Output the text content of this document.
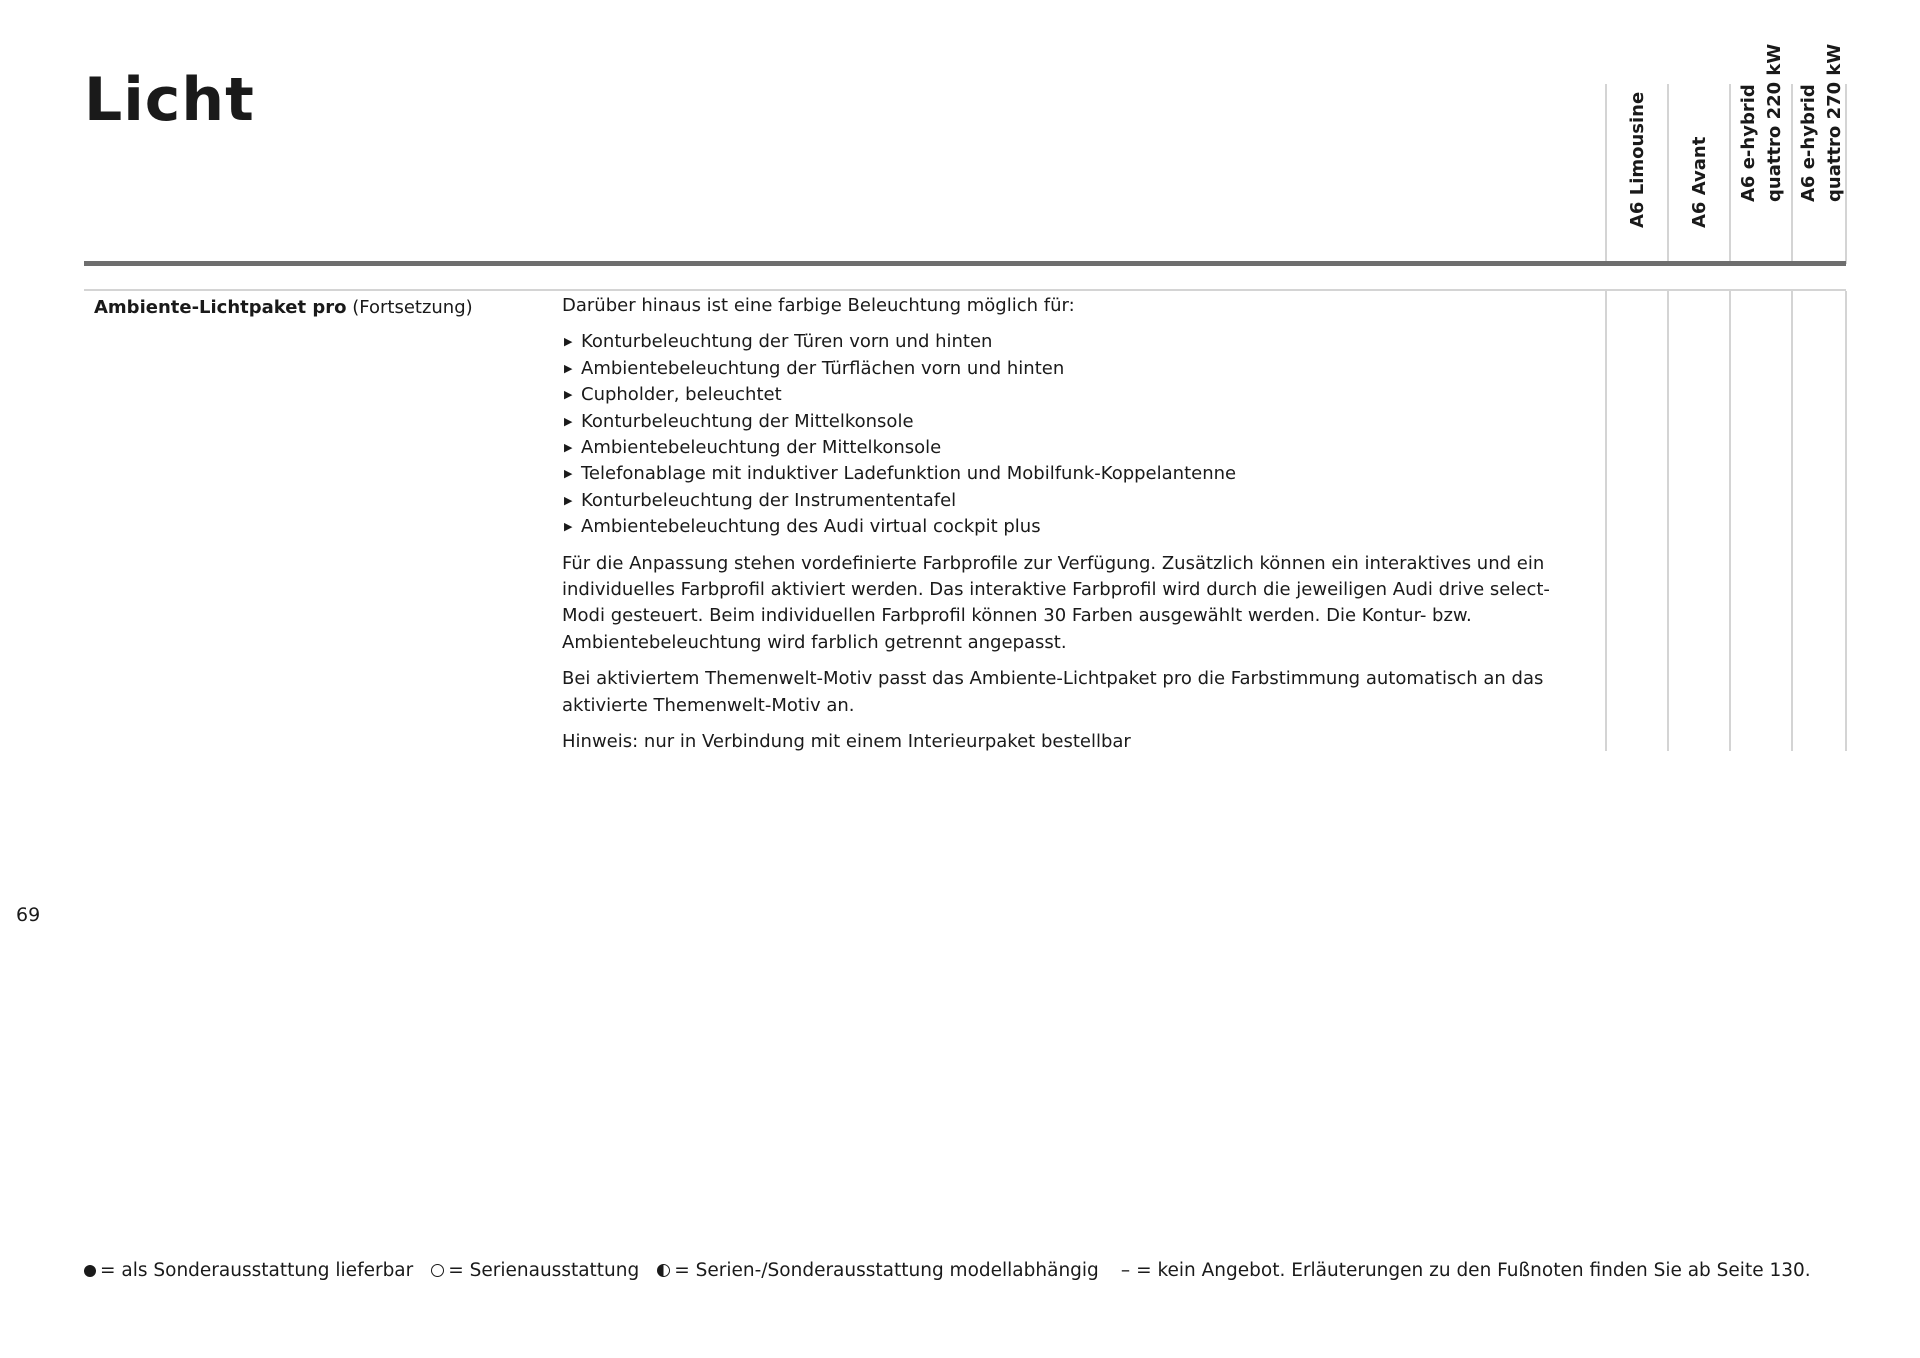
Licht	A6 Limousine A6 Avant A6 e-hybrid quattro 220 kW A6 e-hybrid quattro 270 kW
Ambiente-Lichtpaket pro (Fortsetzung)	Darüber hinaus ist eine farbige Beleuchtung möglich für:

▶ Konturbeleuchtung der Türen vorn und hinten
▶ Ambientebeleuchtung der Türflächen vorn und hinten
▶ Cupholder, beleuchtet
▶ Konturbeleuchtung der Mittelkonsole
▶ Ambientebeleuchtung der Mittelkonsole
▶ Telefonablage mit induktiver Ladefunktion und Mobilfunk-Koppelantenne
▶ Konturbeleuchtung der Instrumententafel
▶ Ambientebeleuchtung des Audi virtual cockpit plus

Für die Anpassung stehen vordefinierte Farbprofile zur Verfügung. Zusätzlich können ein interaktives und ein individuelles Farbprofil aktiviert werden. Das interaktive Farbprofil wird durch die jeweiligen Audi drive select-Modi gesteuert. Beim individuellen Farbprofil können 30 Farben ausgewählt werden. Die Kontur- bzw. Ambientebeleuchtung wird farblich getrennt angepasst.

Bei aktiviertem Themenwelt-Motiv passt das Ambiente-Lichtpaket pro die Farbstimmung automatisch an das aktivierte Themenwelt-Motiv an.

Hinweis: nur in Verbindung mit einem Interieurpaket bestellbar

69
= als Sonderausstattung lieferbar = Serienausstattung = Serien-/Sonderausstattung modellabhängig – = kein Angebot. Erläuterungen zu den Fußnoten finden Sie ab Seite 130.
